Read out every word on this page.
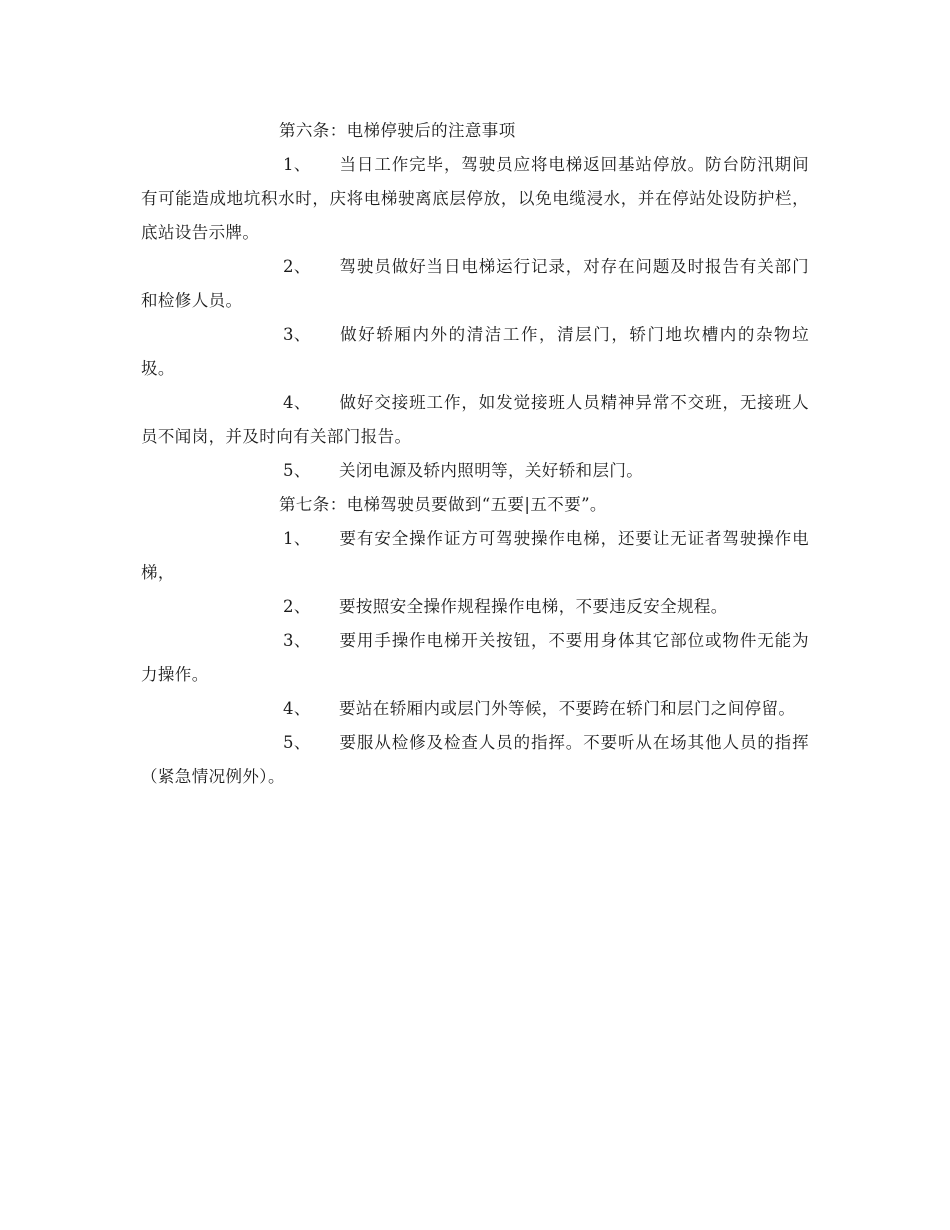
第六条：电梯停驶后的注意事项

1、 当日工作完毕，驾驶员应将电梯返回基站停放。防台防汛期间有可能造成地坑积水时，庆将电梯驶离底层停放，以免电缆浸水，并在停站处设防护栏，底站设告示牌。

2、 驾驶员做好当日电梯运行记录，对存在问题及时报告有关部门和检修人员。

3、 做好轿厢内外的清洁工作，清层门，轿门地坎槽内的杂物垃圾。

4、 做好交接班工作，如发觉接班人员精神异常不交班，无接班人员不闻岗，并及时向有关部门报告。

5、 关闭电源及轿内照明等，关好轿和层门。

第七条：电梯驾驶员要做到“五要|五不要”。

1、 要有安全操作证方可驾驶操作电梯，还要让无证者驾驶操作电梯，

2、 要按照安全操作规程操作电梯，不要违反安全规程。

3、 要用手操作电梯开关按钮，不要用身体其它部位或物件无能为力操作。

4、 要站在轿厢内或层门外等候，不要跨在轿门和层门之间停留。

5、 要服从检修及检查人员的指挥。不要听从在场其他人员的指挥（紧急情况例外）。
